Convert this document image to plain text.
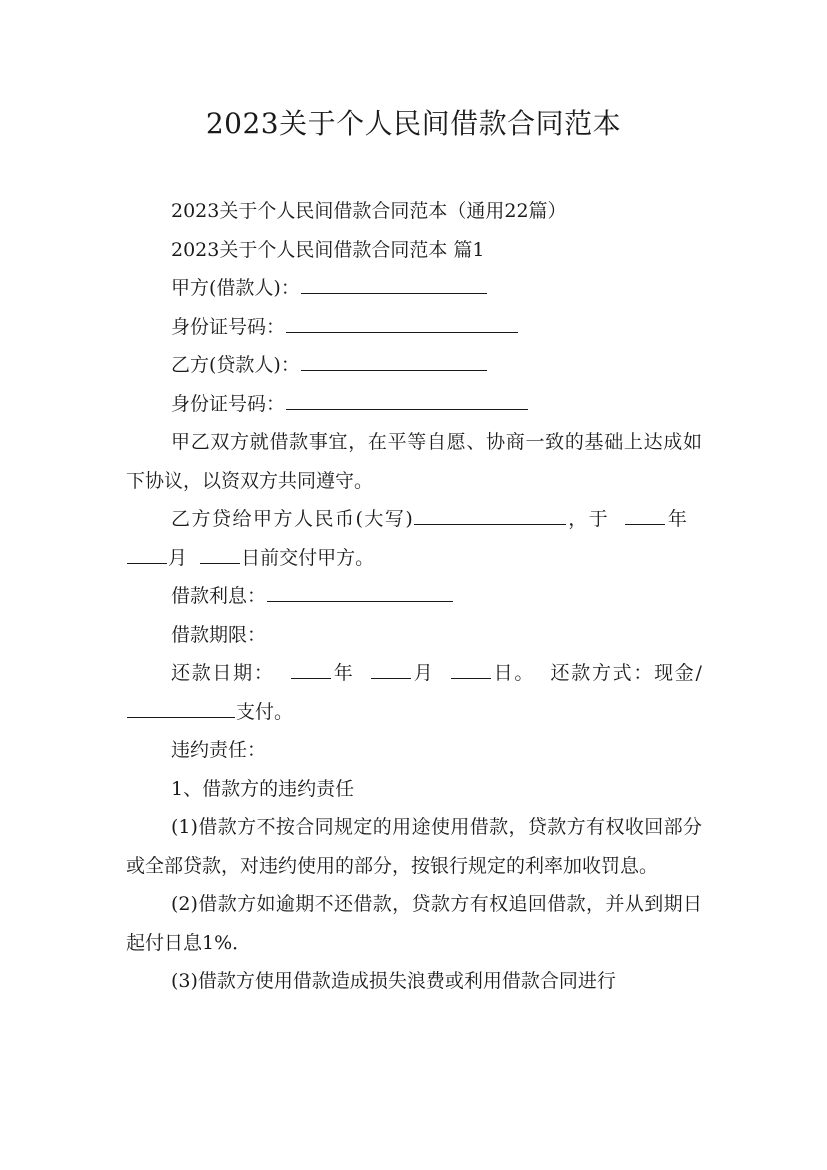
2023关于个人民间借款合同范本

2023关于个人民间借款合同范本（通用22篇）

2023关于个人民间借款合同范本 篇1

甲方(借款人)：

身份证号码：

乙方(贷款人)：

身份证号码：

甲乙双方就借款事宜，在平等自愿、协商一致的基础上达成如下协议，以资双方共同遵守。

乙方贷给甲方人民币(大写)	，于	年  月	日前交付甲方。

借款利息：

借款期限：

还款日期：	年	月	日。 还款方式：现金/支付。

违约责任：

1、借款方的违约责任

(1)借款方不按合同规定的用途使用借款，贷款方有权收回部分或全部贷款，对违约使用的部分，按银行规定的利率加收罚息。

(2)借款方如逾期不还借款，贷款方有权追回借款，并从到期日起付日息1%．

(3)借款方使用借款造成损失浪费或利用借款合同进行
